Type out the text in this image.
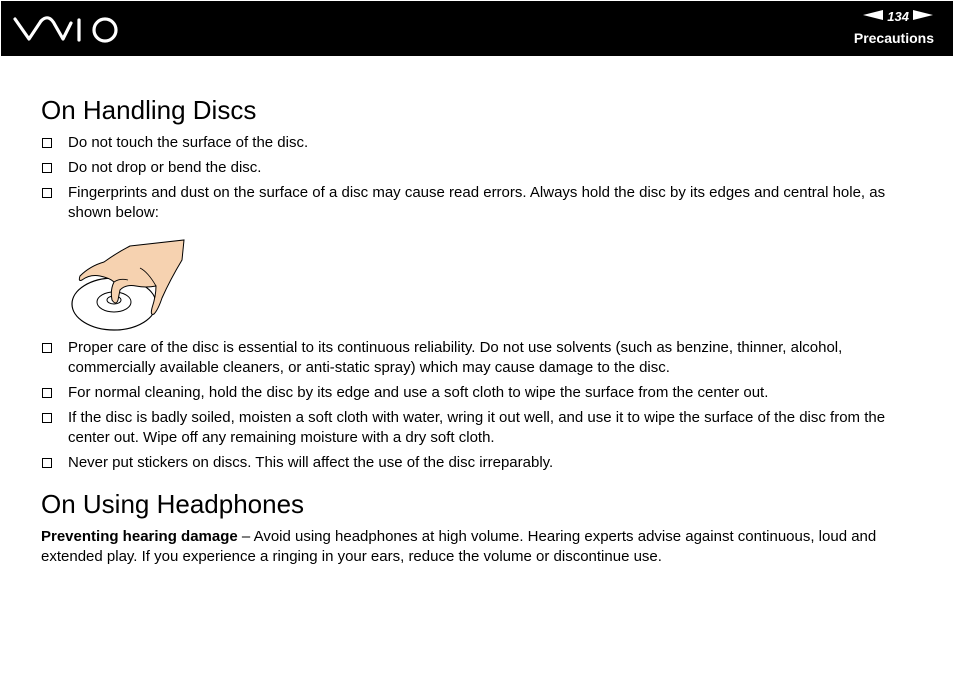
134
Precautions
On Handling Discs
Do not touch the surface of the disc.
Do not drop or bend the disc.
Fingerprints and dust on the surface of a disc may cause read errors. Always hold the disc by its edges and central hole, as shown below:
Proper care of the disc is essential to its continuous reliability. Do not use solvents (such as benzine, thinner, alcohol, commercially available cleaners, or anti-static spray) which may cause damage to the disc.
For normal cleaning, hold the disc by its edge and use a soft cloth to wipe the surface from the center out.
If the disc is badly soiled, moisten a soft cloth with water, wring it out well, and use it to wipe the surface of the disc from the center out. Wipe off any remaining moisture with a dry soft cloth.
Never put stickers on discs. This will affect the use of the disc irreparably.
On Using Headphones

Preventing hearing damage – Avoid using headphones at high volume. Hearing experts advise against continuous, loud and extended play. If you experience a ringing in your ears, reduce the volume or discontinue use.
